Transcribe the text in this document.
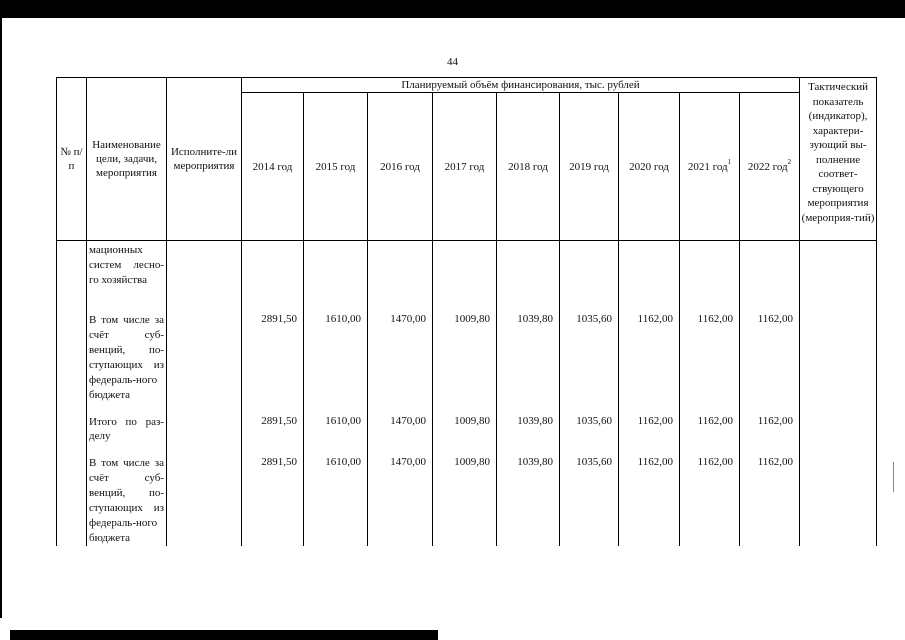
44
№ п/п	Наименование цели, задачи, мероприятия	Исполните-ли мероприятия	Планируемый объём финансирования, тыс. рублей									Тактический показатель (индикатор), характери-зующий вы-полнение соответ-ствующего мероприятия (мероприя-тий)
			2014 год	2015 год	2016 год	2017 год	2018 год	2019 год	2020 год	2021 год$^1$	2022 год$^2$
	мационных систем лесно-го хозяйства											
	В том числе за счёт суб-венций, по-ступающих из федераль-ного бюджета		2891,50	1610,00	1470,00	1009,80	1039,80	1035,60	1162,00	1162,00	1162,00	
	Итого по раз-делу		2891,50	1610,00	1470,00	1009,80	1039,80	1035,60	1162,00	1162,00	1162,00	
	В том числе за счёт суб-венций, по-ступающих из федераль-ного бюджета		2891,50	1610,00	1470,00	1009,80	1039,80	1035,60	1162,00	1162,00	1162,00	
